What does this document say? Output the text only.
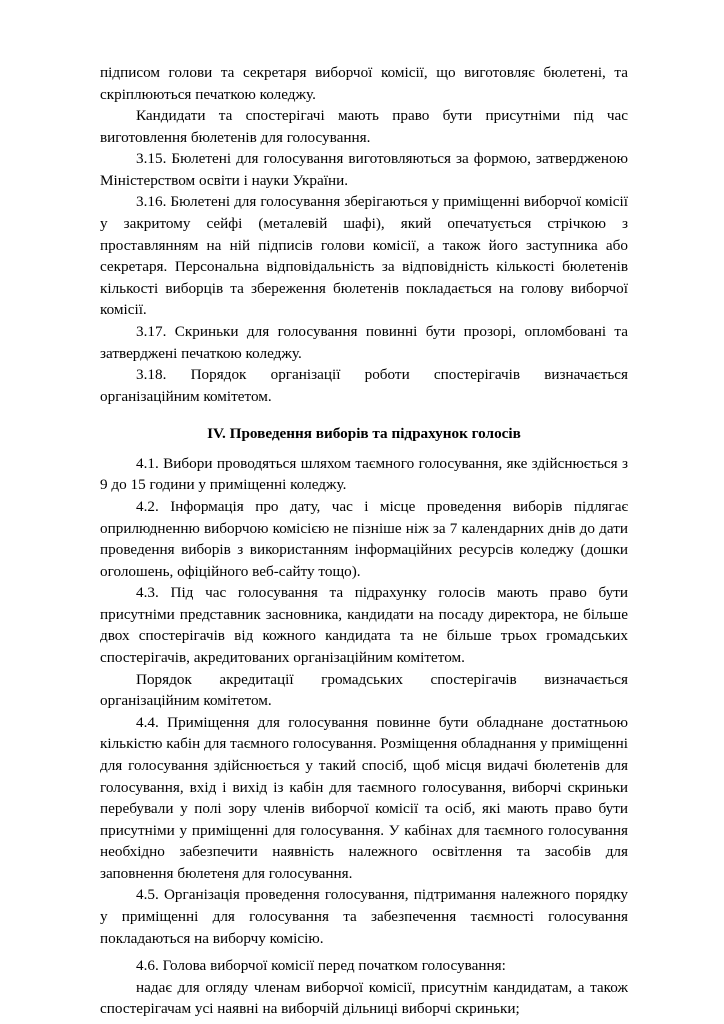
підписом голови та секретаря виборчої комісії, що виготовляє бюлетені, та скріплюються печаткою коледжу.

Кандидати та спостерігачі мають право бути присутніми під час виготовлення бюлетенів для голосування.

3.15. Бюлетені для голосування виготовляються за формою, затвердженою Міністерством освіти і науки України.

3.16. Бюлетені для голосування зберігаються у приміщенні виборчої комісії у закритому сейфі (металевій шафі), який опечатується стрічкою з проставлянням на ній підписів голови комісії, а також його заступника або секретаря. Персональна відповідальність за відповідність кількості бюлетенів кількості виборців та збереження бюлетенів покладається на голову виборчої комісії.

3.17. Скриньки для голосування повинні бути прозорі, опломбовані та затверджені печаткою коледжу.

3.18. Порядок організації роботи спостерігачів визначається організаційним комітетом.

IV. Проведення виборів та підрахунок голосів

4.1. Вибори проводяться шляхом таємного голосування, яке здійснюється з 9 до 15 години у приміщенні коледжу.

4.2. Інформація про дату, час і місце проведення виборів підлягає оприлюдненню виборчою комісією не пізніше ніж за 7 календарних днів до дати проведення виборів з використанням інформаційних ресурсів коледжу (дошки оголошень, офіційного веб-сайту тощо).

4.3. Під час голосування та підрахунку голосів мають право бути присутніми представник засновника, кандидати на посаду директора, не більше двох спостерігачів від кожного кандидата та не більше трьох громадських спостерігачів, акредитованих організаційним комітетом.

Порядок акредитації громадських спостерігачів визначається організаційним комітетом.

4.4. Приміщення для голосування повинне бути обладнане достатньою кількістю кабін для таємного голосування. Розміщення обладнання у приміщенні для голосування здійснюється у такий спосіб, щоб місця видачі бюлетенів для голосування, вхід і вихід із кабін для таємного голосування, виборчі скриньки перебували у полі зору членів виборчої комісії та осіб, які мають право бути присутніми у приміщенні для голосування. У кабінах для таємного голосування необхідно забезпечити наявність належного освітлення та засобів для заповнення бюлетеня для голосування.

4.5. Організація проведення голосування, підтримання належного порядку у приміщенні для голосування та забезпечення таємності голосування покладаються на виборчу комісію.

4.6. Голова виборчої комісії перед початком голосування:

надає для огляду членам виборчої комісії, присутнім кандидатам, а також спостерігачам усі наявні на виборчій дільниці виборчі скриньки;
